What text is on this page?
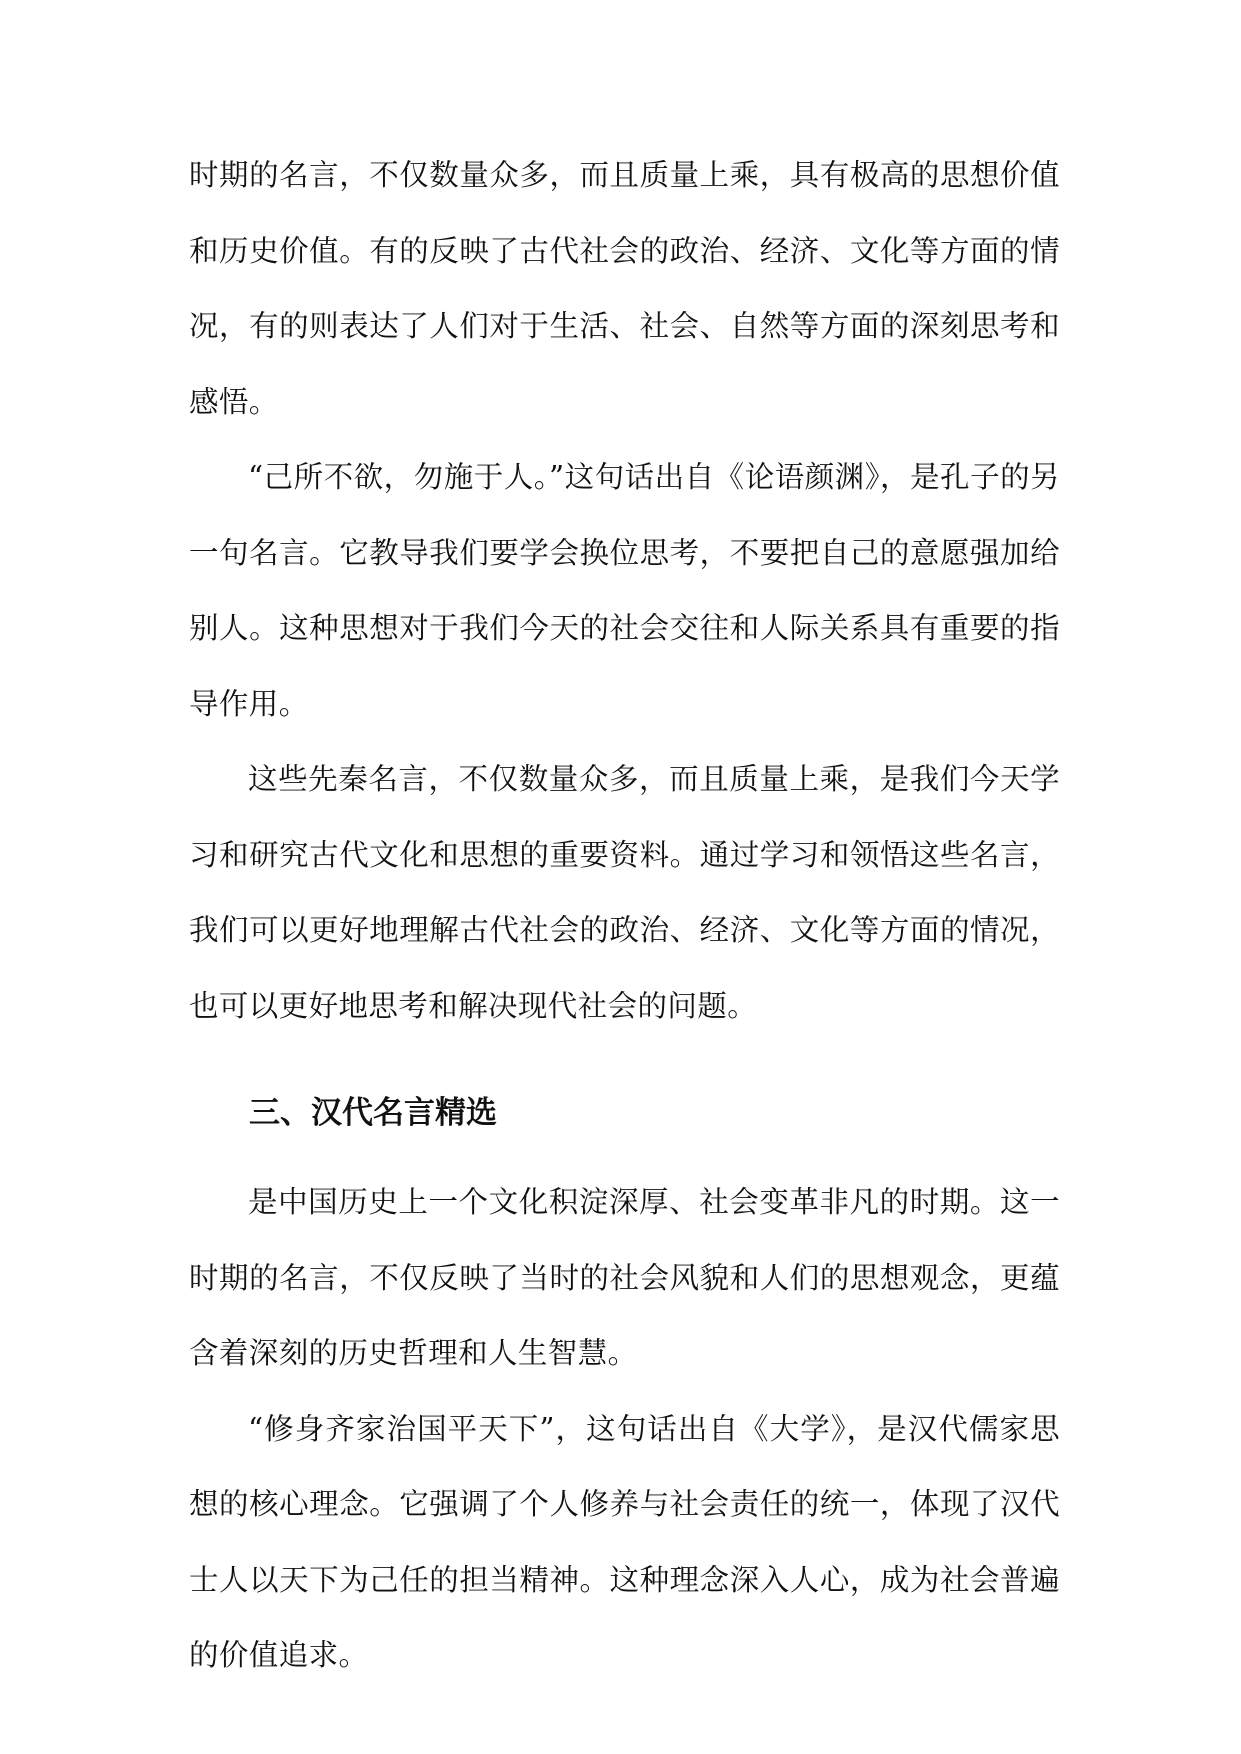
时期的名言，不仅数量众多，而且质量上乘，具有极高的思想价值和历史价值。有的反映了古代社会的政治、经济、文化等方面的情况，有的则表达了人们对于生活、社会、自然等方面的深刻思考和感悟。

“己所不欲，勿施于人。”这句话出自《论语颜渊》，是孔子的另一句名言。它教导我们要学会换位思考，不要把自己的意愿强加给别人。这种思想对于我们今天的社会交往和人际关系具有重要的指导作用。

这些先秦名言，不仅数量众多，而且质量上乘，是我们今天学习和研究古代文化和思想的重要资料。通过学习和领悟这些名言，我们可以更好地理解古代社会的政治、经济、文化等方面的情况，也可以更好地思考和解决现代社会的问题。

三、汉代名言精选

是中国历史上一个文化积淀深厚、社会变革非凡的时期。这一时期的名言，不仅反映了当时的社会风貌和人们的思想观念，更蕴含着深刻的历史哲理和人生智慧。

“修身齐家治国平天下”，这句话出自《大学》，是汉代儒家思想的核心理念。它强调了个人修养与社会责任的统一，体现了汉代士人以天下为己任的担当精神。这种理念深入人心，成为社会普遍的价值追求。
